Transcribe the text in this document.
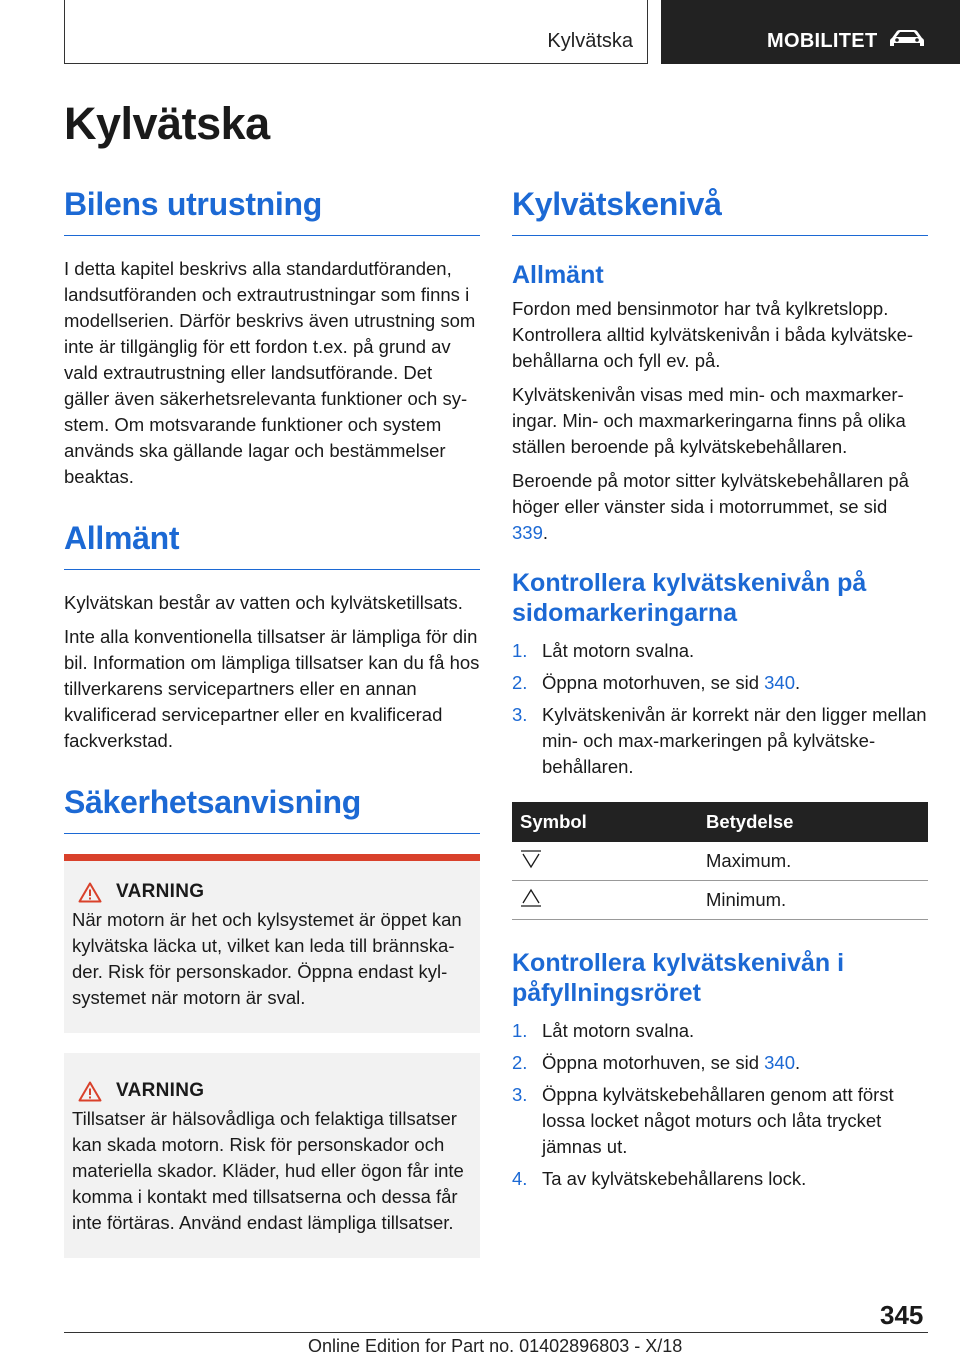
Kylvätska	MOBILITET
Kylvätska
Bilens utrustning

I detta kapitel beskrivs alla standardutföranden, landsutföranden och extrautrustningar som finns i modellserien. Därför beskrivs även utrustning som inte är tillgänglig för ett fordon t.ex. på grund av vald extrautrustning eller landsutförande. Det gäller även säkerhetsrelevanta funktioner och system. Om motsvarande funktioner och system används ska gällande lagar och bestämmelser beaktas.

Allmänt

Kylvätskan består av vatten och kylvätsketillsats.

Inte alla konventionella tillsatser är lämpliga för din bil. Information om lämpliga tillsatser kan du få hos tillverkarens servicepartners eller en annan kvalificerad servicepartner eller en kvalificerad fackverkstad.

Säkerhetsanvisning
VARNING

När motorn är het och kylsystemet är öppet kan kylvätska läcka ut, vilket kan leda till brännskader. Risk för personskador. Öppna endast kylsystemet när motorn är sval.

VARNING

Tillsatser är hälsovådliga och felaktiga tillsatser kan skada motorn. Risk för personskador och materiella skador. Kläder, hud eller ögon får inte komma i kontakt med tillsatserna och dessa får inte förtäras. Använd endast lämpliga tillsatser.

Kylvätskenivå
Allmänt

Fordon med bensinmotor har två kylkretslopp. Kontrollera alltid kylvätskenivån i båda kylvätskebehållarna och fyll ev. på.

Kylvätskenivån visas med min- och maxmarkeringar. Min- och maxmarkeringarna finns på olika ställen beroende på kylvätskebehållaren.

Beroende på motor sitter kylvätskebehållaren på höger eller vänster sida i motorrummet, se sid 339.

Kontrollera kylvätskenivån på sidomarkeringarna
1. Låt motorn svalna.
2. Öppna motorhuven, se sid 340.
3. Kylvätskenivån är korrekt när den ligger mellan min- och max-markeringen på kylvätskebehållaren.
Symbol	Betydelse
	Maximum.
	Minimum.
Kontrollera kylvätskenivån i påfyllningsröret
1. Låt motorn svalna.
2. Öppna motorhuven, se sid 340.
3. Öppna kylvätskebehållaren genom att först lossa locket något moturs och låta trycket jämnas ut.
4. Ta av kylvätskebehållarens lock.
345
Online Edition for Part no. 01402896803 - X/18
